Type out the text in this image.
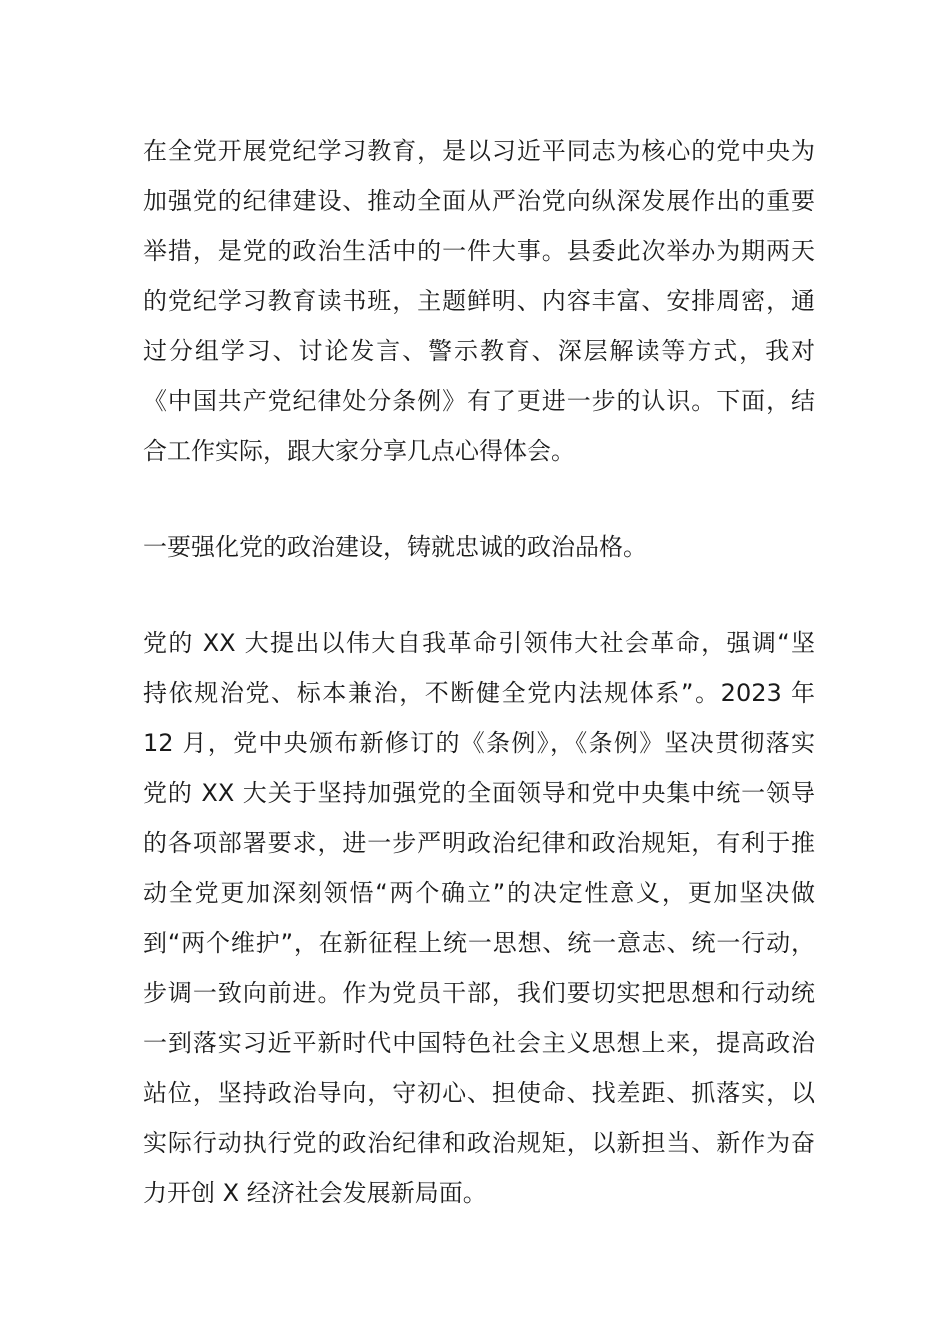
在全党开展党纪学习教育，是以习近平同志为核心的党中央为
加强党的纪律建设、推动全面从严治党向纵深发展作出的重要
举措，是党的政治生活中的一件大事。县委此次举办为期两天
的党纪学习教育读书班，主题鲜明、内容丰富、安排周密，通
过分组学习、讨论发言、警示教育、深层解读等方式，我对
《中国共产党纪律处分条例》有了更进一步的认识。下面，结
合工作实际，跟大家分享几点心得体会。
一要强化党的政治建设，铸就忠诚的政治品格。
党的 XX 大提出以伟大自我革命引领伟大社会革命，强调“坚
持依规治党、标本兼治，不断健全党内法规体系”。2023 年
12 月，党中央颁布新修订的《条例》，《条例》坚决贯彻落实
党的 XX 大关于坚持加强党的全面领导和党中央集中统一领导
的各项部署要求，进一步严明政治纪律和政治规矩，有利于推
动全党更加深刻领悟“两个确立”的决定性意义，更加坚决做
到“两个维护”，在新征程上统一思想、统一意志、统一行动，
步调一致向前进。作为党员干部，我们要切实把思想和行动统
一到落实习近平新时代中国特色社会主义思想上来，提高政治
站位，坚持政治导向，守初心、担使命、找差距、抓落实，以
实际行动执行党的政治纪律和政治规矩，以新担当、新作为奋
力开创 X 经济社会发展新局面。
